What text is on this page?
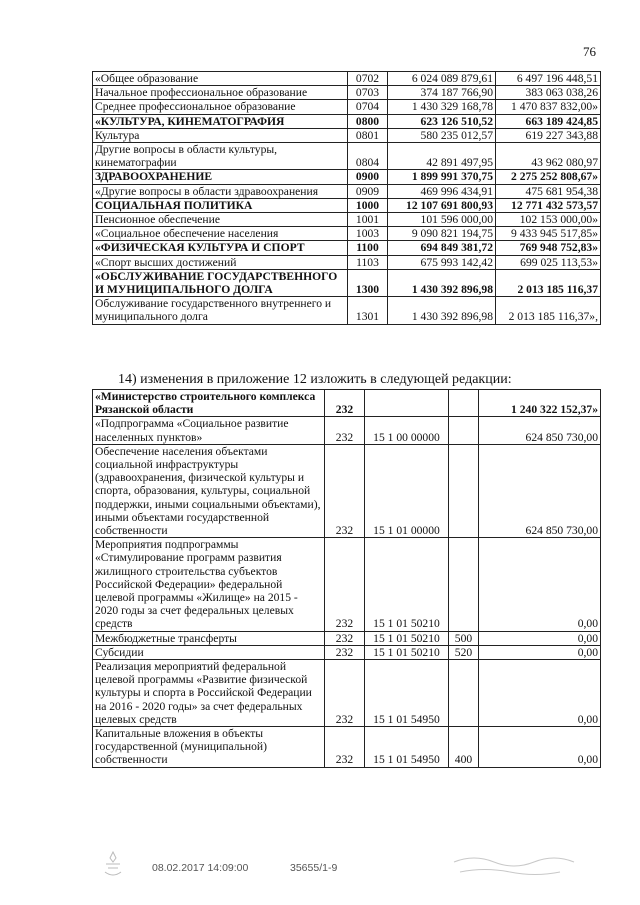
76
«Общее образование	0702	6 024 089 879,61	6 497 196 448,51
Начальное профессиональное образование	0703	374 187 766,90	383 063 038,26
Среднее профессиональное образование	0704	1 430 329 168,78	1 470 837 832,00»
«КУЛЬТУРА, КИНЕМАТОГРАФИЯ	0800	623 126 510,52	663 189 424,85
Культура	0801	580 235 012,57	619 227 343,88
Другие вопросы в области культуры, кинематографии	0804	42 891 497,95	43 962 080,97
ЗДРАВООХРАНЕНИЕ	0900	1 899 991 370,75	2 275 252 808,67»
«Другие вопросы в области здравоохранения	0909	469 996 434,91	475 681 954,38
СОЦИАЛЬНАЯ ПОЛИТИКА	1000	12 107 691 800,93	12 771 432 573,57
Пенсионное обеспечение	1001	101 596 000,00	102 153 000,00»
«Социальное обеспечение населения	1003	9 090 821 194,75	9 433 945 517,85»
«ФИЗИЧЕСКАЯ КУЛЬТУРА И СПОРТ	1100	694 849 381,72	769 948 752,83»
«Спорт высших достижений	1103	675 993 142,42	699 025 113,53»
«ОБСЛУЖИВАНИЕ ГОСУДАРСТВЕННОГО И МУНИЦИПАЛЬНОГО ДОЛГА	1300	1 430 392 896,98	2 013 185 116,37
Обслуживание государственного внутреннего и муниципального долга	1301	1 430 392 896,98	2 013 185 116,37»,
14) изменения в приложение 12 изложить в следующей редакции:
«Министерство строительного комплекса Рязанской области	232			1 240 322 152,37»
«Подпрограмма «Социальное развитие населенных пунктов»	232	15 1 00 00000		624 850 730,00
Обеспечение населения объектами социальной инфраструктуры (здравоохранения, физической культуры и спорта, образования, культуры, социальной поддержки, иными социальными объектами), иными объектами государственной собственности	232	15 1 01 00000		624 850 730,00
Мероприятия подпрограммы «Стимулирование программ развития жилищного строительства субъектов Российской Федерации» федеральной целевой программы «Жилище» на 2015 - 2020 годы за счет федеральных целевых средств	232	15 1 01 50210		0,00
Межбюджетные трансферты	232	15 1 01 50210	500	0,00
Субсидии	232	15 1 01 50210	520	0,00
Реализация мероприятий федеральной целевой программы «Развитие физической культуры и спорта в Российской Федерации на 2016 - 2020 годы» за счет федеральных целевых средств	232	15 1 01 54950		0,00
Капитальные вложения в объекты государственной (муниципальной) собственности	232	15 1 01 54950	400	0,00
08.02.2017 14:09:00	35655/1-9
